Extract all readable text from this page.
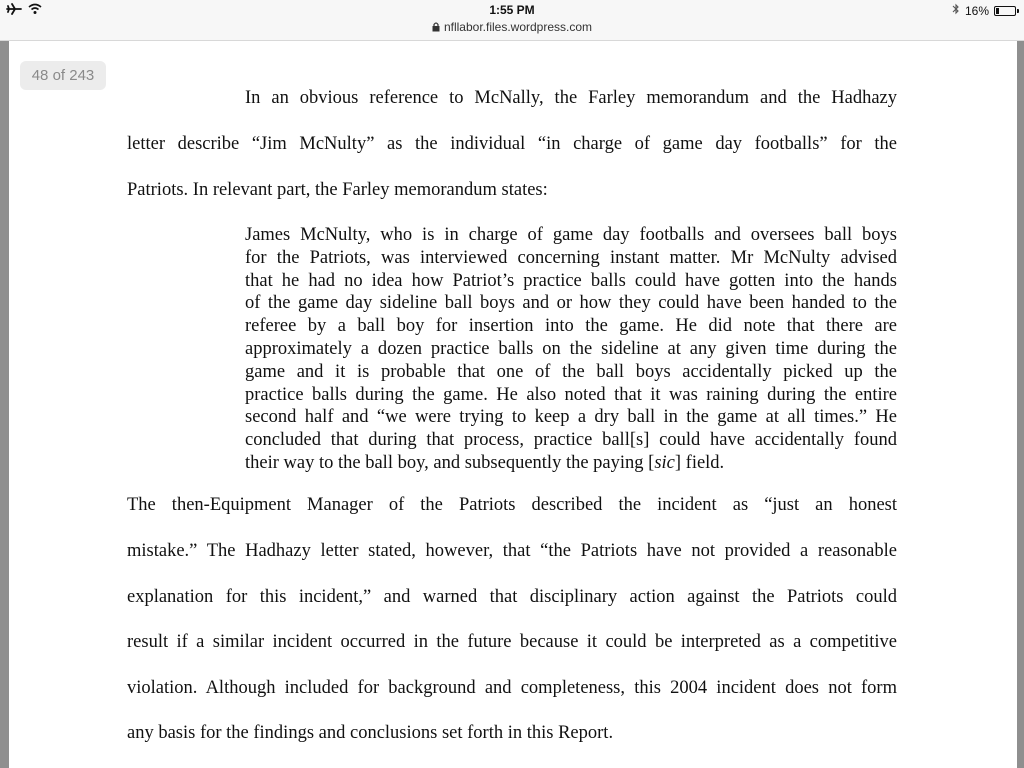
1:55 PM
nfllabor.files.wordpress.com
16%
48 of 243
In an obvious reference to McNally, the Farley memorandum and the Hadhazy
letter describe “Jim McNulty” as the individual “in charge of game day footballs” for the
Patriots. In relevant part, the Farley memorandum states:
James McNulty, who is in charge of game day footballs and oversees ball boys
for the Patriots, was interviewed concerning instant matter. Mr McNulty advised
that he had no idea how Patriot’s practice balls could have gotten into the hands
of the game day sideline ball boys and or how they could have been handed to the
referee by a ball boy for insertion into the game. He did note that there are
approximately a dozen practice balls on the sideline at any given time during the
game and it is probable that one of the ball boys accidentally picked up the
practice balls during the game. He also noted that it was raining during the entire
second half and “we were trying to keep a dry ball in the game at all times.” He
concluded that during that process, practice ball[s] could have accidentally found
their way to the ball boy, and subsequently the paying [sic] field.
The then-Equipment Manager of the Patriots described the incident as “just an honest
mistake.” The Hadhazy letter stated, however, that “the Patriots have not provided a reasonable
explanation for this incident,” and warned that disciplinary action against the Patriots could
result if a similar incident occurred in the future because it could be interpreted as a competitive
violation. Although included for background and completeness, this 2004 incident does not form
any basis for the findings and conclusions set forth in this Report.
